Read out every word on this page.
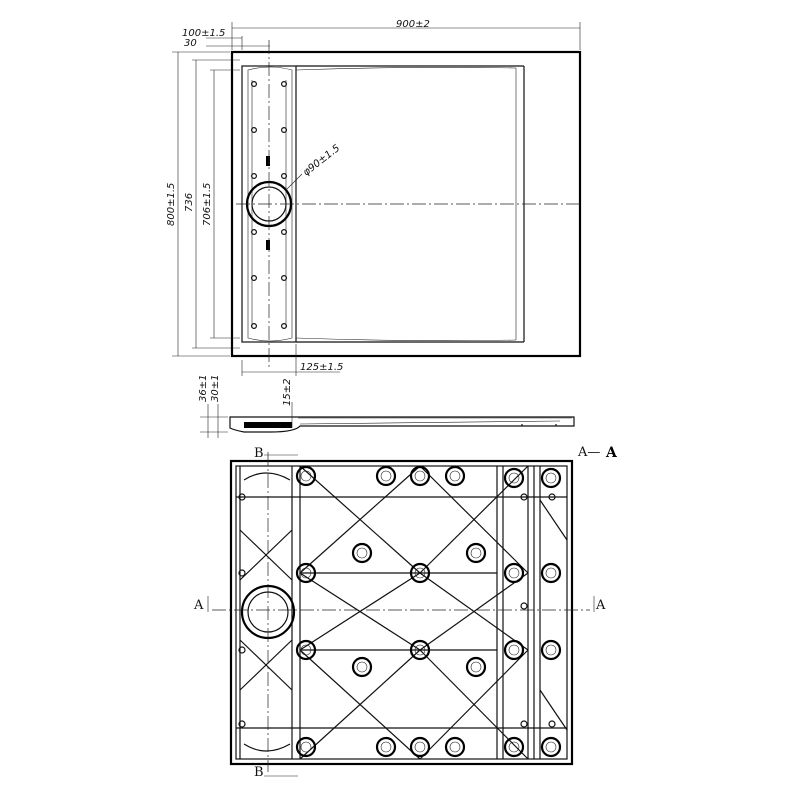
900±2
100±1.5
30
800±1.5 736 706±1.5
φ90±1.5
125±1.5
36±1 30±1	15±2
B
B
A	A
A— A
